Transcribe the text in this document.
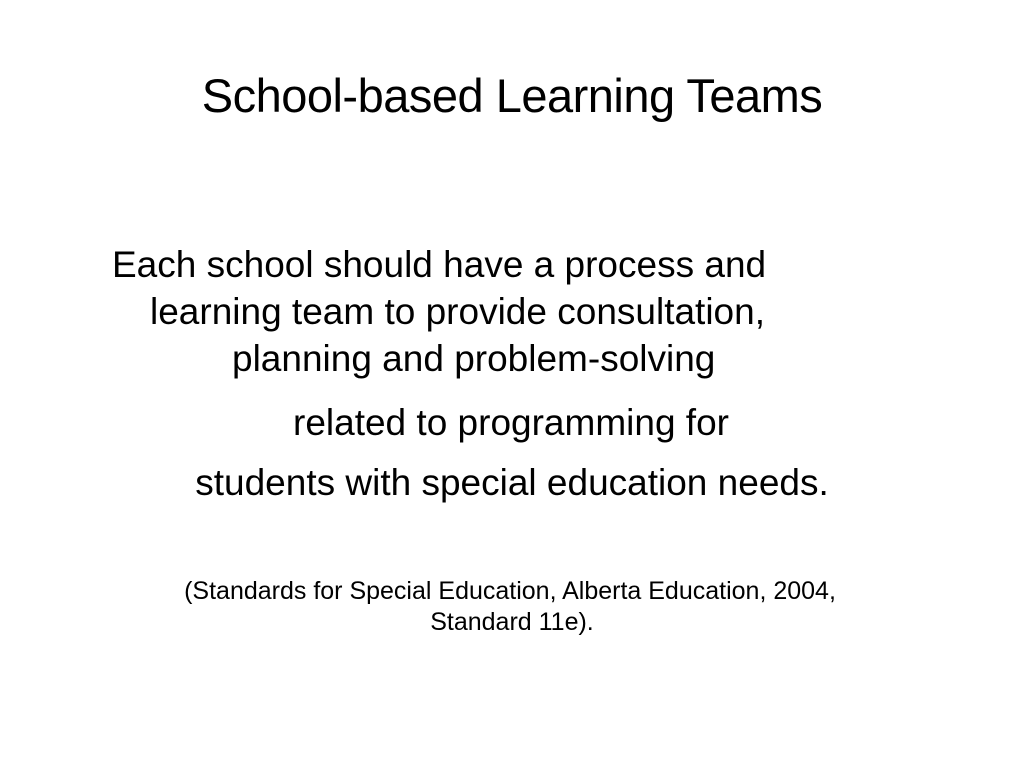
School-based Learning Teams
Each school should have a process and
learning team to provide consultation,
planning and problem-solving
related to programming for
students with special education needs.
(Standards for Special Education, Alberta Education, 2004,
Standard 11e).
